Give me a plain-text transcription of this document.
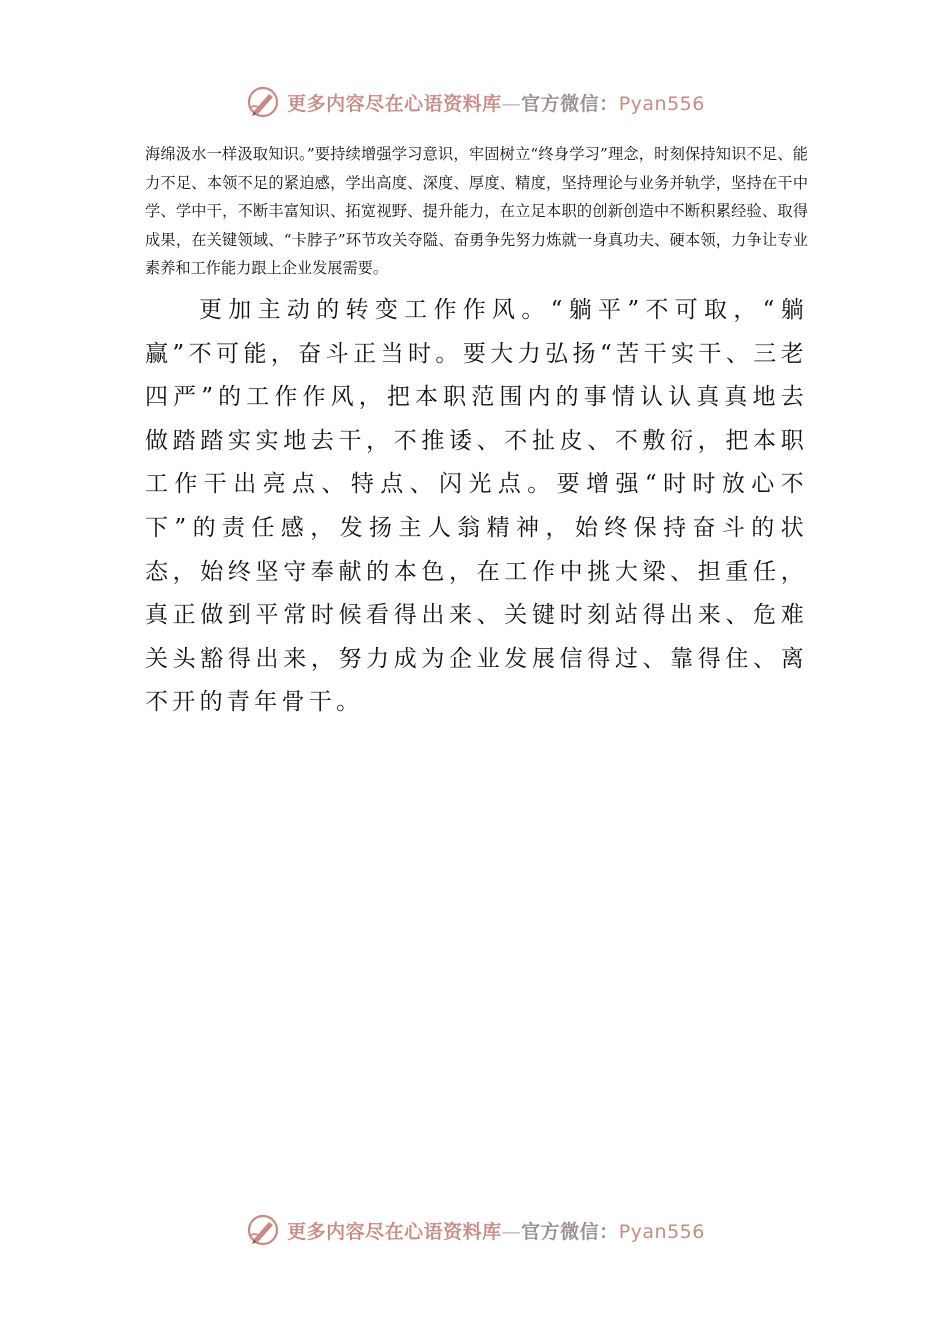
更多内容尽在心语资料库—官方微信：Pyan556

海绵汲水一样汲取知识。”要持续增强学习意识，牢固树立“终身学习”理念，时刻保持知识不足、能力不足、本领不足的紧迫感，学出高度、深度、厚度、精度，坚持理论与业务并轨学，坚持在干中学、学中干，不断丰富知识、拓宽视野、提升能力，在立足本职的创新创造中不断积累经验、取得成果，在关键领域、“卡脖子”环节攻关夺隘、奋勇争先努力炼就一身真功夫、硬本领，力争让专业素养和工作能力跟上企业发展需要。

更加主动的转变工作作风。“躺平”不可取，“躺赢”不可能，奋斗正当时。要大力弘扬“苦干实干、三老四严”的工作作风，把本职范围内的事情认认真真地去做踏踏实实地去干，不推诿、不扯皮、不敷衍，把本职工作干出亮点、特点、闪光点。要增强“时时放心不下”的责任感，发扬主人翁精神，始终保持奋斗的状态，始终坚守奉献的本色，在工作中挑大梁、担重任，真正做到平常时候看得出来、关键时刻站得出来、危难关头豁得出来，努力成为企业发展信得过、靠得住、离不开的青年骨干。

更多内容尽在心语资料库—官方微信：Pyan556
